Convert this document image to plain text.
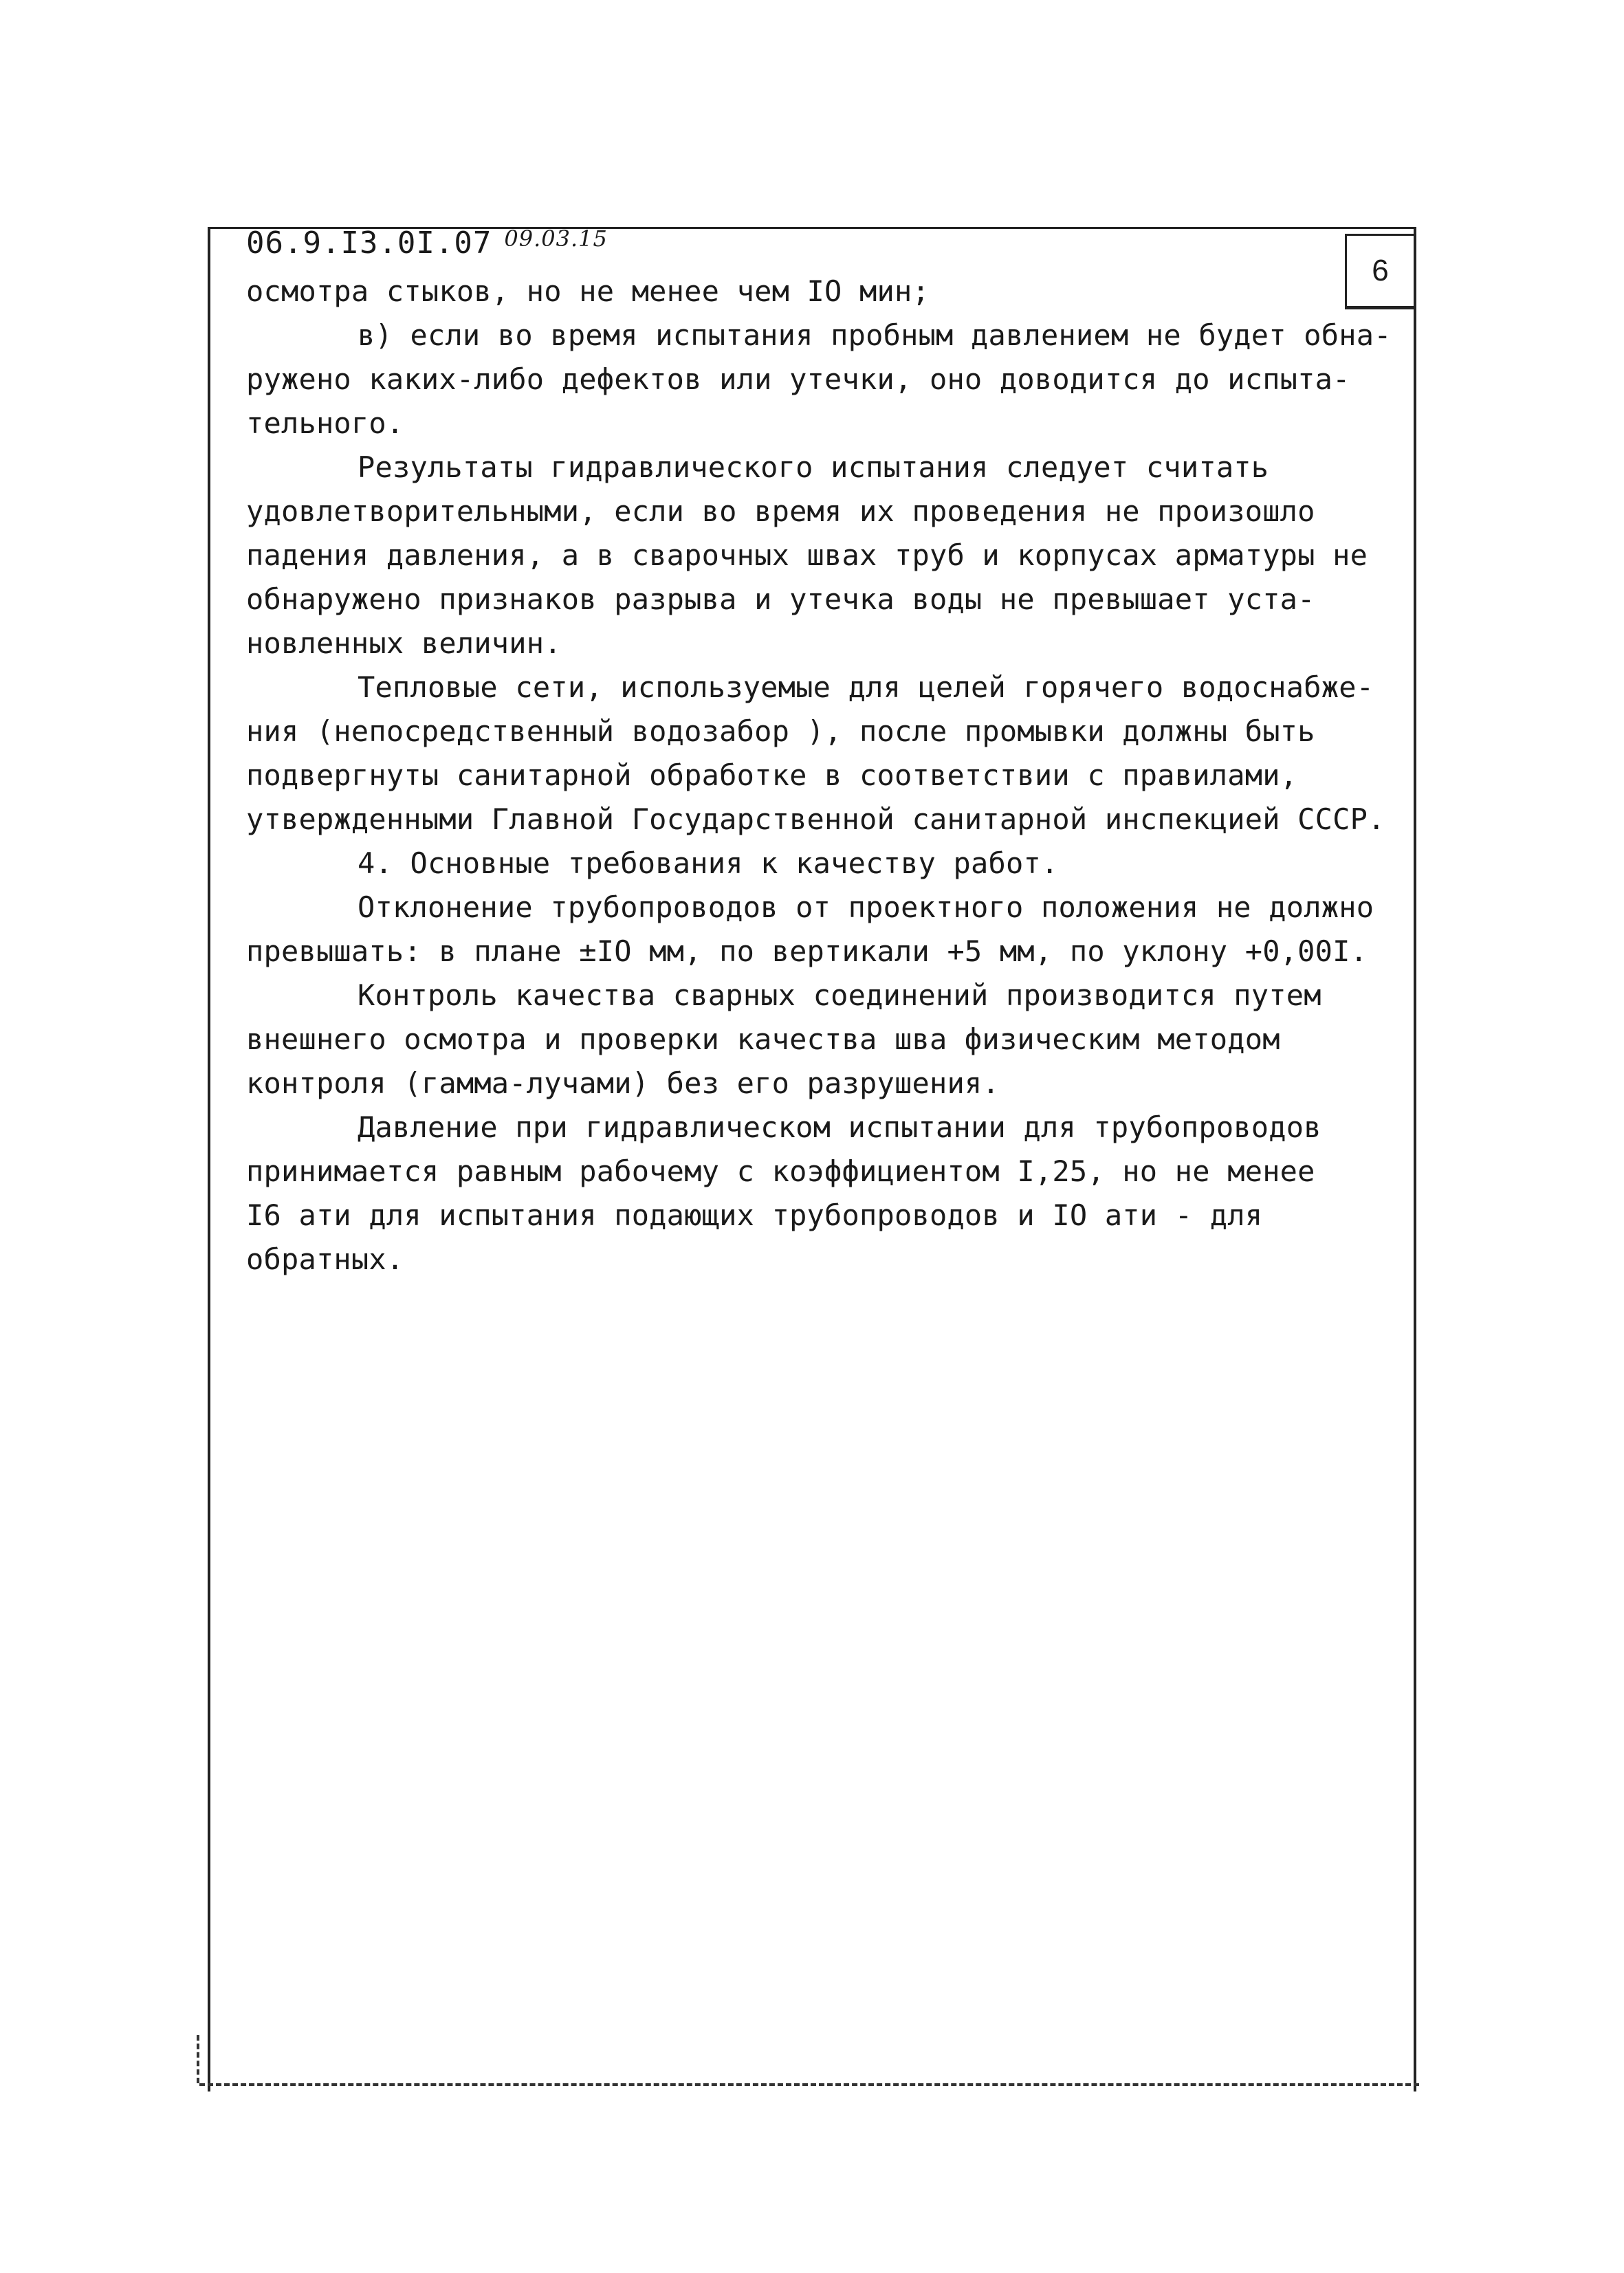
6
06.9.I3.0I.07 $^{09.03.15}$
осмотра стыков, но не менее чем IO мин;
в) если во время испытания пробным давлением не будет обна-
ружено каких-либо дефектов или утечки, оно доводится до испыта-
тельного.
Результаты гидравлического испытания следует считать
удовлетворительными, если во время их проведения не произошло
падения давления, а в сварочных швах труб и корпусах арматуры не
обнаружено признаков разрыва и утечка воды не превышает уста-
новленных величин.
Тепловые сети, используемые для целей горячего водоснабже-
ния (непосредственный водозабор ), после промывки должны быть
подвергнуты санитарной обработке в соответствии с правилами,
утвержденными Главной Государственной санитарной инспекцией СССР.
4. Основные требования к качеству работ.
Отклонение трубопроводов от проектного положения не должно
превышать: в плане ±IO мм, по вертикали +5 мм, по уклону +0,00I.
Контроль качества сварных соединений производится путем
внешнего осмотра и проверки качества шва физическим методом
контроля (гамма-лучами) без его разрушения.
Давление при гидравлическом испытании для трубопроводов
принимается равным рабочему с коэффициентом I,25, но не менее
I6 ати для испытания подающих трубопроводов и IO ати - для
обратных.
